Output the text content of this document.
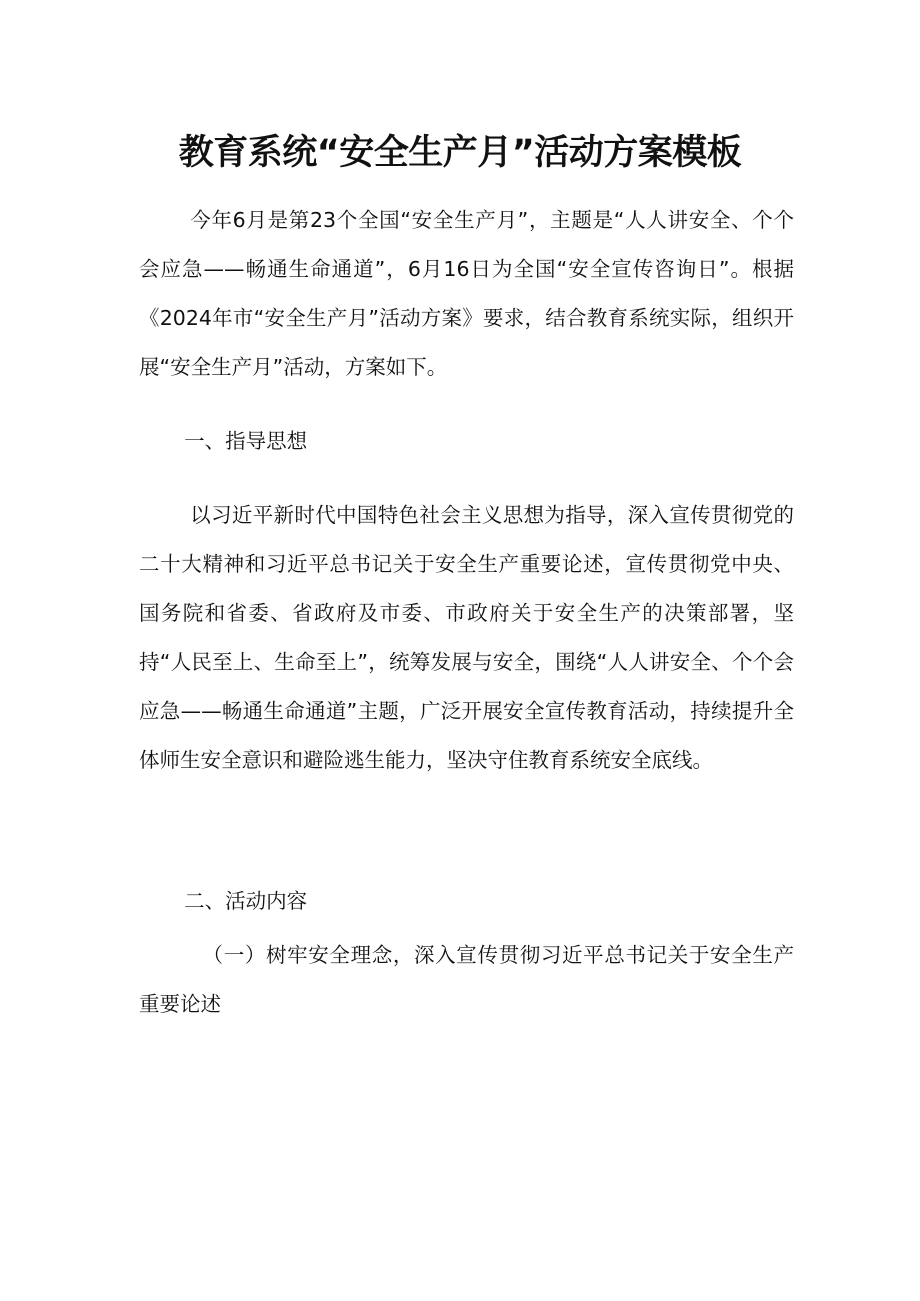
教育系统“安全生产月”活动方案模板

今年6月是第23个全国“安全生产月”，主题是“人人讲安全、个个会应急——畅通生命通道”，6月16日为全国“安全宣传咨询日”。根据《2024年市“安全生产月”活动方案》要求，结合教育系统实际，组织开展“安全生产月”活动，方案如下。

一、指导思想

以习近平新时代中国特色社会主义思想为指导，深入宣传贯彻党的二十大精神和习近平总书记关于安全生产重要论述，宣传贯彻党中央、国务院和省委、省政府及市委、市政府关于安全生产的决策部署，坚持“人民至上、生命至上”，统筹发展与安全，围绕“人人讲安全、个个会应急——畅通生命通道”主题，广泛开展安全宣传教育活动，持续提升全体师生安全意识和避险逃生能力，坚决守住教育系统安全底线。

二、活动内容

（一）树牢安全理念，深入宣传贯彻习近平总书记关于安全生产重要论述
